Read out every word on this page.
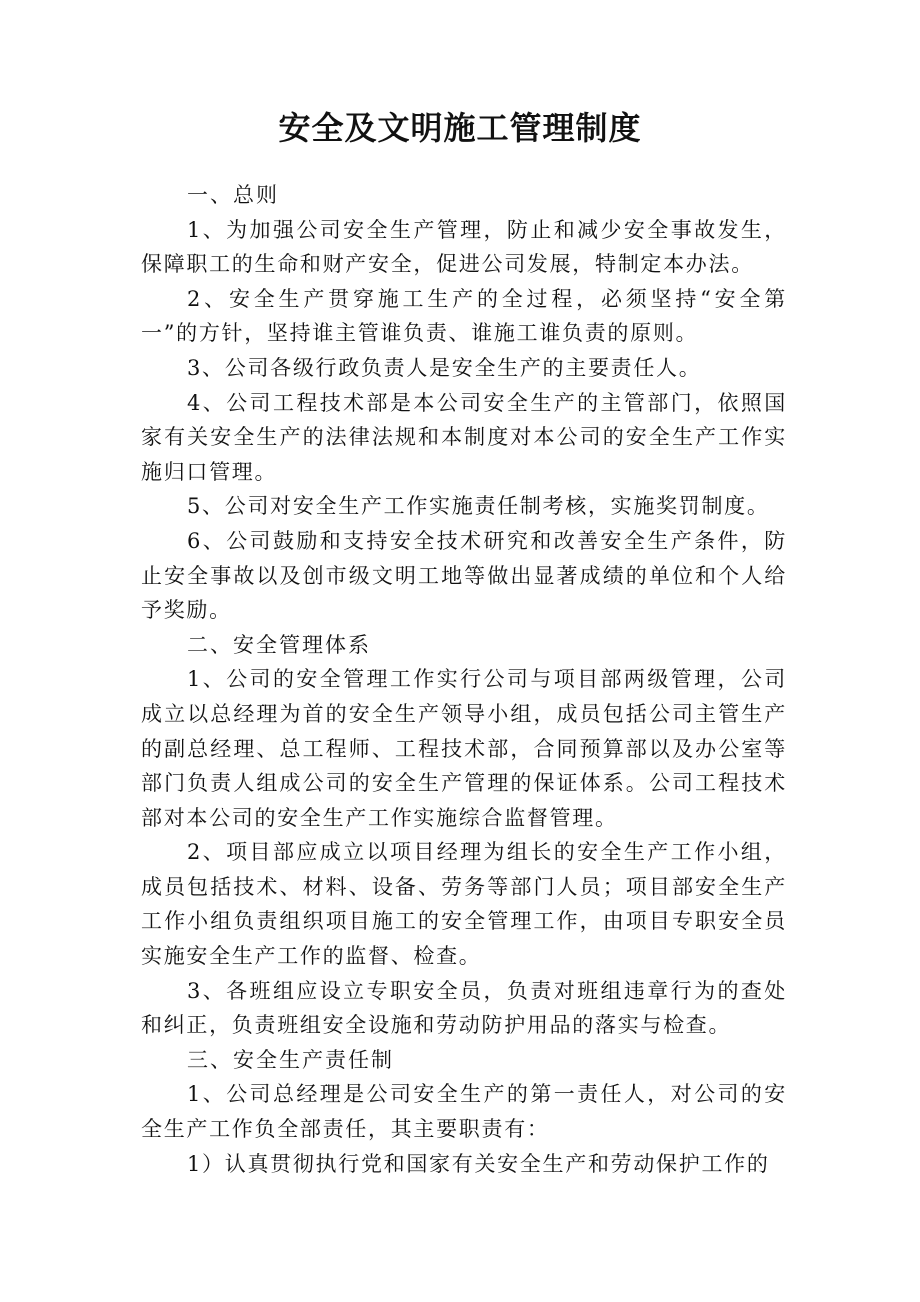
安全及文明施工管理制度

一、总则

1、为加强公司安全生产管理，防止和减少安全事故发生，保障职工的生命和财产安全，促进公司发展，特制定本办法。

2、安全生产贯穿施工生产的全过程，必须坚持“安全第一”的方针，坚持谁主管谁负责、谁施工谁负责的原则。

3、公司各级行政负责人是安全生产的主要责任人。

4、公司工程技术部是本公司安全生产的主管部门，依照国家有关安全生产的法律法规和本制度对本公司的安全生产工作实施归口管理。

5、公司对安全生产工作实施责任制考核，实施奖罚制度。

6、公司鼓励和支持安全技术研究和改善安全生产条件，防止安全事故以及创市级文明工地等做出显著成绩的单位和个人给予奖励。

二、安全管理体系

1、公司的安全管理工作实行公司与项目部两级管理，公司成立以总经理为首的安全生产领导小组，成员包括公司主管生产的副总经理、总工程师、工程技术部，合同预算部以及办公室等部门负责人组成公司的安全生产管理的保证体系。公司工程技术部对本公司的安全生产工作实施综合监督管理。

2、项目部应成立以项目经理为组长的安全生产工作小组，成员包括技术、材料、设备、劳务等部门人员；项目部安全生产工作小组负责组织项目施工的安全管理工作，由项目专职安全员实施安全生产工作的监督、检查。

3、各班组应设立专职安全员，负责对班组违章行为的查处和纠正，负责班组安全设施和劳动防护用品的落实与检查。

三、安全生产责任制

1、公司总经理是公司安全生产的第一责任人，对公司的安全生产工作负全部责任，其主要职责有：

1）认真贯彻执行党和国家有关安全生产和劳动保护工作的
